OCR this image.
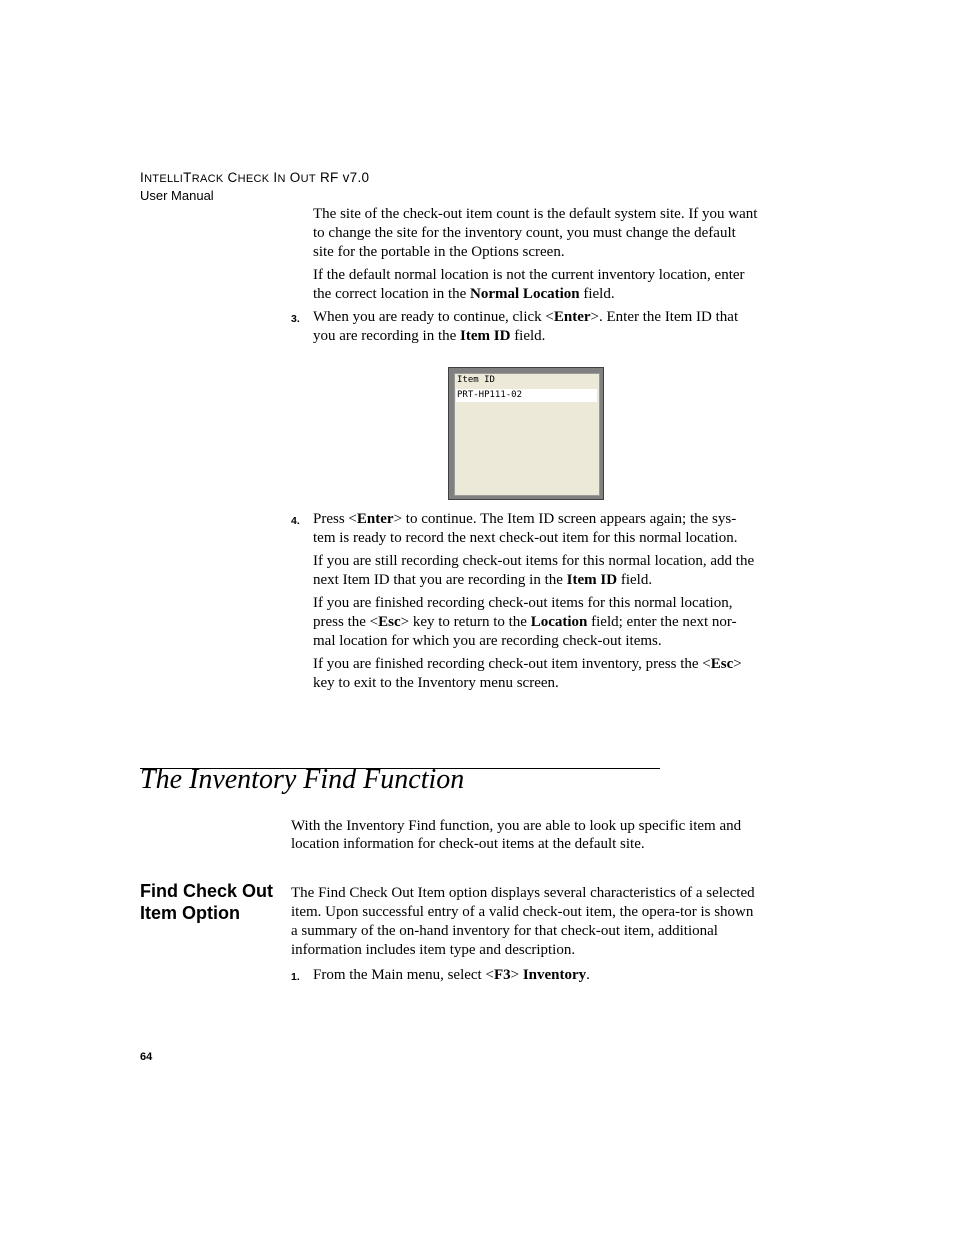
INTELLITRACK CHECK IN OUT RF v7.0
User Manual

The site of the check-out item count is the default system site. If you want to change the site for the inventory count, you must change the default site for the portable in the Options screen.

If the default normal location is not the current inventory location, enter the correct location in the Normal Location field.

3. When you are ready to continue, click <Enter>. Enter the Item ID that you are recording in the Item ID field.

Item ID
PRT-HP111-02
4. Press <Enter> to continue. The Item ID screen appears again; the sys-tem is ready to record the next check-out item for this normal location.

If you are still recording check-out items for this normal location, add the next Item ID that you are recording in the Item ID field.

If you are finished recording check-out items for this normal location, press the <Esc> key to return to the Location field; enter the next nor-mal location for which you are recording check-out items.

If you are finished recording check-out item inventory, press the <Esc> key to exit to the Inventory menu screen.

The Inventory Find Function

With the Inventory Find function, you are able to look up specific item and location information for check-out items at the default site.

Find Check Out Item Option

The Find Check Out Item option displays several characteristics of a selected item. Upon successful entry of a valid check-out item, the opera-tor is shown a summary of the on-hand inventory for that check-out item, additional information includes item type and description.

1. From the Main menu, select <F3> Inventory.

64
